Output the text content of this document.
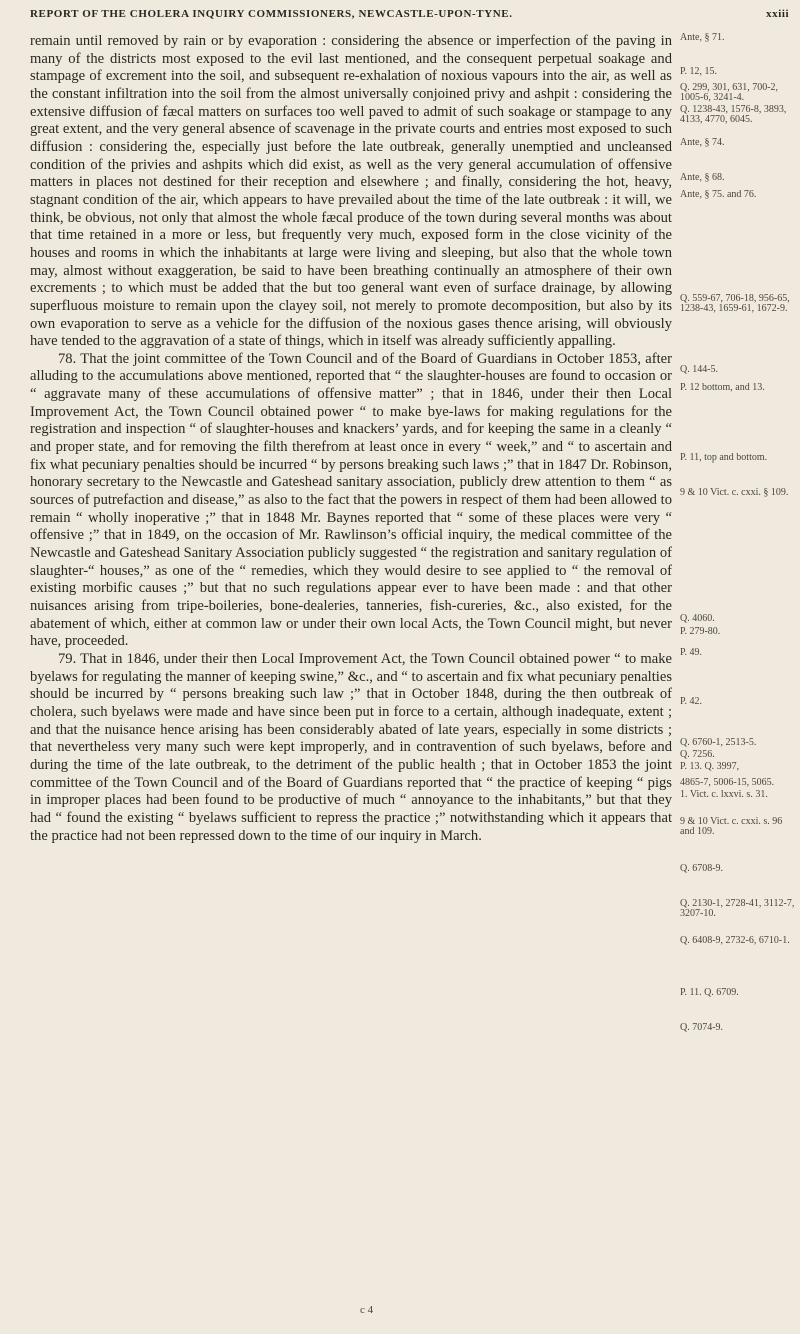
REPORT OF THE CHOLERA INQUIRY COMMISSIONERS, NEWCASTLE-UPON-TYNE.	xxiii

remain until removed by rain or by evaporation : considering the absence or imperfection of the paving in many of the districts most exposed to the evil last mentioned, and the consequent perpetual soakage and stampage of excrement into the soil, and subsequent re-exhalation of noxious vapours into the air, as well as the constant infiltration into the soil from the almost universally conjoined privy and ashpit : considering the extensive diffusion of fæcal matters on surfaces too well paved to admit of such soakage or stampage to any great extent, and the very general absence of scavenage in the private courts and entries most exposed to such diffusion : considering the, especially just before the late outbreak, generally unemptied and uncleansed condition of the privies and ashpits which did exist, as well as the very general accumulation of offensive matters in places not destined for their reception and elsewhere ; and finally, considering the hot, heavy, stagnant condition of the air, which appears to have prevailed about the time of the late outbreak : it will, we think, be obvious, not only that almost the whole fæcal produce of the town during several months was about that time retained in a more or less, but frequently very much, exposed form in the close vicinity of the houses and rooms in which the inhabitants at large were living and sleeping, but also that the whole town may, almost without exaggeration, be said to have been breathing continually an atmosphere of their own excrements ; to which must be added that the but too general want even of surface drainage, by allowing superfluous moisture to remain upon the clayey soil, not merely to promote decomposition, but also by its own evaporation to serve as a vehicle for the diffusion of the noxious gases thence arising, will obviously have tended to the aggravation of a state of things, which in itself was already sufficiently appalling.

78. That the joint committee of the Town Council and of the Board of Guardians in October 1853, after alluding to the accumulations above mentioned, reported that “ the slaughter-houses are found to occasion or “ aggravate many of these accumulations of offensive matter” ; that in 1846, under their then Local Improvement Act, the Town Council obtained power “ to make bye-laws for making regulations for the registration and inspection “ of slaughter-houses and knackers’ yards, and for keeping the same in a cleanly “ and proper state, and for removing the filth therefrom at least once in every “ week,” and “ to ascertain and fix what pecuniary penalties should be incurred “ by persons breaking such laws ;” that in 1847 Dr. Robinson, honorary secretary to the Newcastle and Gateshead sanitary association, publicly drew attention to them “ as sources of putrefaction and disease,” as also to the fact that the powers in respect of them had been allowed to remain “ wholly inoperative ;” that in 1848 Mr. Baynes reported that “ some of these places were very “ offensive ;” that in 1849, on the occasion of Mr. Rawlinson’s official inquiry, the medical committee of the Newcastle and Gateshead Sanitary Association publicly suggested “ the registration and sanitary regulation of slaughter-“ houses,” as one of the “ remedies, which they would desire to see applied to “ the removal of existing morbific causes ;” but that no such regulations appear ever to have been made : and that other nuisances arising from tripe-boileries, bone-dealeries, tanneries, fish-cureries, &c., also existed, for the abatement of which, either at common law or under their own local Acts, the Town Council might, but never have, proceeded.

79. That in 1846, under their then Local Improvement Act, the Town Council obtained power “ to make byelaws for regulating the manner of keeping swine,” &c., and “ to ascertain and fix what pecuniary penalties should be incurred by “ persons breaking such law ;” that in October 1848, during the then outbreak of cholera, such byelaws were made and have since been put in force to a certain, although inadequate, extent ; and that the nuisance hence arising has been considerably abated of late years, especially in some districts ; that nevertheless very many such were kept improperly, and in contravention of such byelaws, before and during the time of the late outbreak, to the detriment of the public health ; that in October 1853 the joint committee of the Town Council and of the Board of Guardians reported that “ the practice of keeping “ pigs in improper places had been found to be productive of much “ annoyance to the inhabitants,” but that they had “ found the existing “ byelaws sufficient to repress the practice ;” notwithstanding which it appears that the practice had not been repressed down to the time of our inquiry in March.

Ante, § 71.
P. 12, 15.
Q. 299, 301, 631, 700-2, 1005-6, 3241-4.
Q. 1238-43, 1576-8, 3893, 4133, 4770, 6045.
Ante, § 74.
Ante, § 68.
Ante, § 75. and 76.
Q. 559-67, 706-18, 956-65, 1238-43, 1659-61, 1672-9.
Q. 144-5.
P. 12 bottom, and 13.
P. 11, top and bottom.
9 & 10 Vict. c. cxxi. § 109.
Q. 4060.
P. 279-80.
P. 49.
P. 42.
Q. 6760-1, 2513-5.
Q. 7256.
P. 13. Q. 3997,
4865-7, 5006-15, 5065.
1. Vict. c. lxxvi. s. 31.
9 & 10 Vict. c. cxxi. s. 96 and 109.
Q. 6708-9.
Q. 2130-1, 2728-41, 3112-7, 3207-10.
Q. 6408-9, 2732-6, 6710-1.
P. 11. Q. 6709.
Q. 7074-9.
c 4
